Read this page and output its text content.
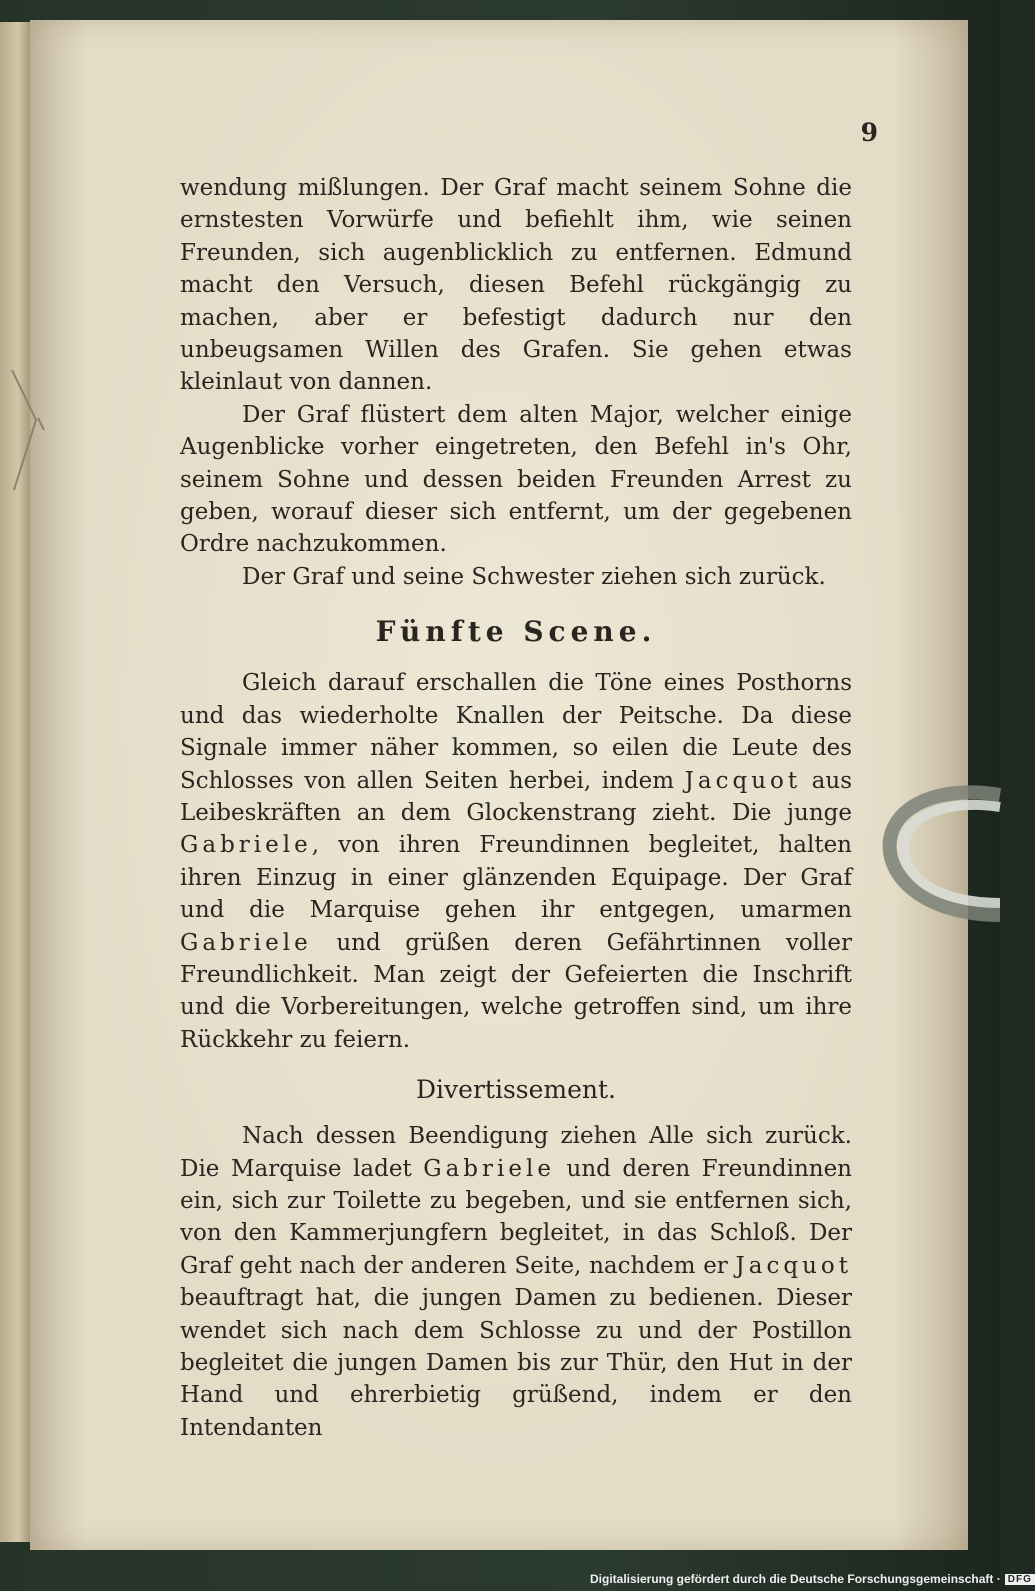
9

wendung mißlungen. Der Graf macht seinem Sohne die ernstesten Vorwürfe und befiehlt ihm, wie seinen Freunden, sich augenblicklich zu entfernen. Edmund macht den Versuch, diesen Befehl rückgängig zu machen, aber er befestigt dadurch nur den unbeugsamen Willen des Grafen. Sie gehen etwas kleinlaut von dannen.

Der Graf flüstert dem alten Major, welcher einige Augenblicke vorher eingetreten, den Befehl in's Ohr, seinem Sohne und dessen beiden Freunden Arrest zu geben, worauf dieser sich entfernt, um der gegebenen Ordre nachzukommen.

Der Graf und seine Schwester ziehen sich zurück.

Fünfte Scene.

Gleich darauf erschallen die Töne eines Posthorns und das wiederholte Knallen der Peitsche. Da diese Signale immer näher kommen, so eilen die Leute des Schlosses von allen Seiten herbei, indem Jacquot aus Leibeskräften an dem Glockenstrang zieht. Die junge Gabriele, von ihren Freundinnen begleitet, halten ihren Einzug in einer glänzenden Equipage. Der Graf und die Marquise gehen ihr entgegen, umarmen Gabriele und grüßen deren Gefährtinnen voller Freundlichkeit. Man zeigt der Gefeierten die Inschrift und die Vorbereitungen, welche getroffen sind, um ihre Rückkehr zu feiern.

Divertissement.

Nach dessen Beendigung ziehen Alle sich zurück. Die Marquise ladet Gabriele und deren Freundinnen ein, sich zur Toilette zu begeben, und sie entfernen sich, von den Kammerjungfern begleitet, in das Schloß. Der Graf geht nach der anderen Seite, nachdem er Jacquot beauftragt hat, die jungen Damen zu bedienen. Dieser wendet sich nach dem Schlosse zu und der Postillon begleitet die jungen Damen bis zur Thür, den Hut in der Hand und ehrerbietig grüßend, indem er den Intendanten

Digitalisierung gefördert durch die Deutsche Forschungsgemeinschaft · DFG
